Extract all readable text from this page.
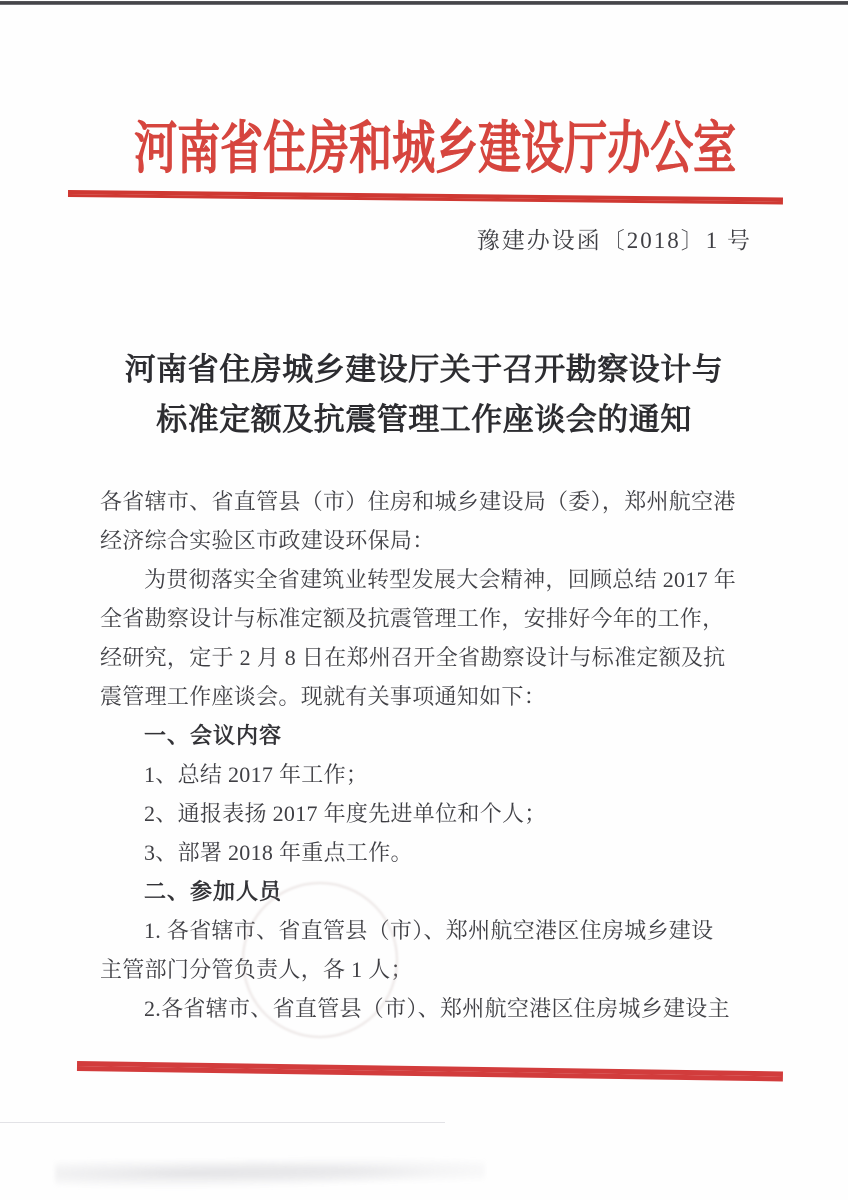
河南省住房和城乡建设厅办公室
豫建办设函〔2018〕1 号
河南省住房城乡建设厅关于召开勘察设计与
标准定额及抗震管理工作座谈会的通知
各省辖市、省直管县（市）住房和城乡建设局（委），郑州航空港
经济综合实验区市政建设环保局：
为贯彻落实全省建筑业转型发展大会精神，回顾总结 2017 年
全省勘察设计与标准定额及抗震管理工作，安排好今年的工作，
经研究，定于 2 月 8 日在郑州召开全省勘察设计与标准定额及抗
震管理工作座谈会。现就有关事项通知如下：
一、会议内容
1、总结 2017 年工作；
2、通报表扬 2017 年度先进单位和个人；
3、部署 2018 年重点工作。
二、参加人员
1. 各省辖市、省直管县（市）、郑州航空港区住房城乡建设
主管部门分管负责人，各 1 人；
2.各省辖市、省直管县（市）、郑州航空港区住房城乡建设主
